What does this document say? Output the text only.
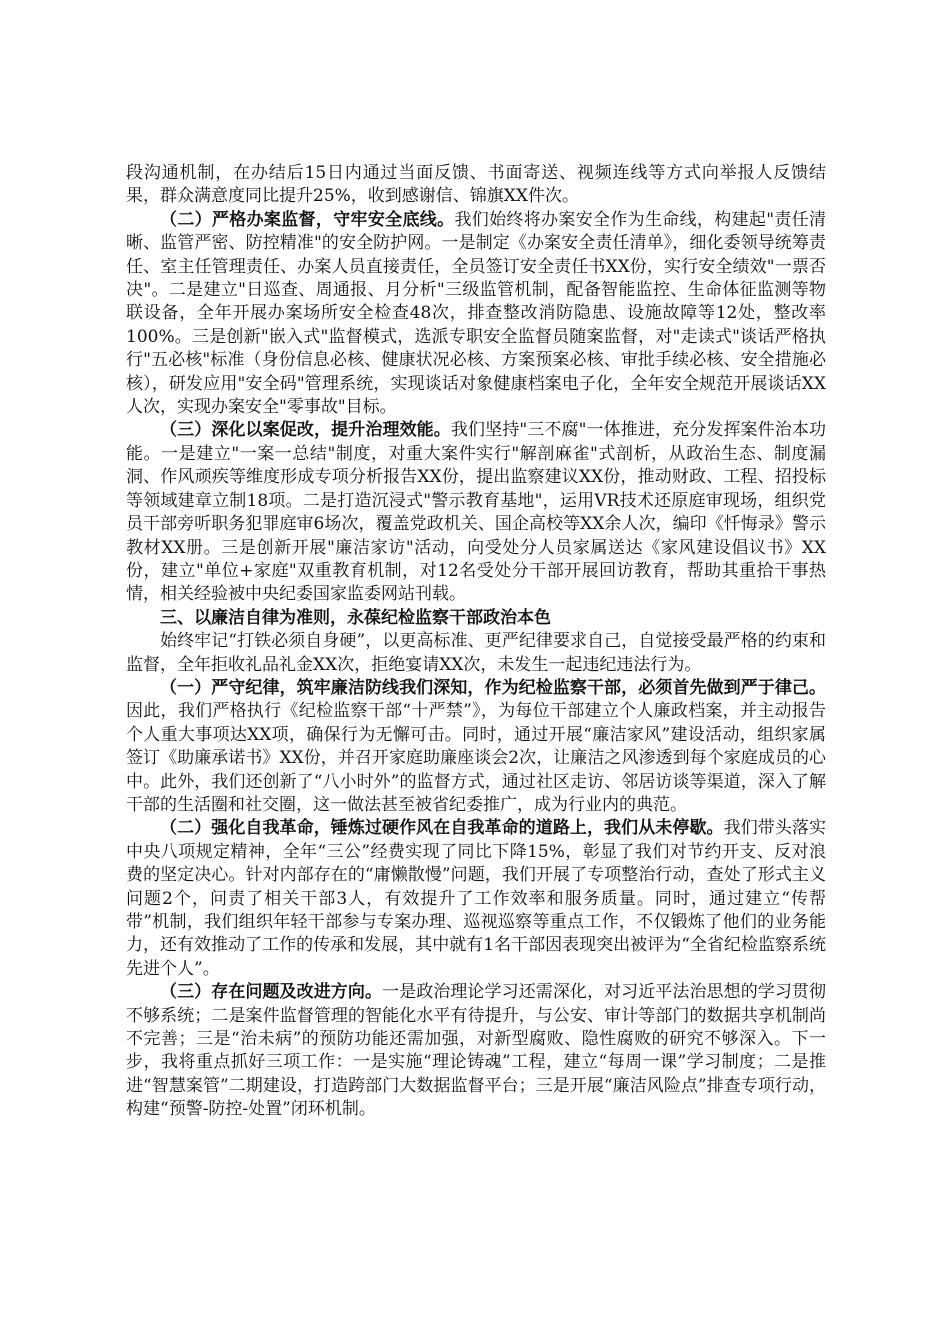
段沟通机制，在办结后15日内通过当面反馈、书面寄送、视频连线等方式向举报人反馈结果，群众满意度同比提升25%，收到感谢信、锦旗XX件次。

（二）严格办案监督，守牢安全底线。我们始终将办案安全作为生命线，构建起"责任清晰、监管严密、防控精准"的安全防护网。一是制定《办案安全责任清单》，细化委领导统筹责任、室主任管理责任、办案人员直接责任，全员签订安全责任书XX份，实行安全绩效"一票否决"。二是建立"日巡查、周通报、月分析"三级监管机制，配备智能监控、生命体征监测等物联设备，全年开展办案场所安全检查48次，排查整改消防隐患、设施故障等12处，整改率100%。三是创新"嵌入式"监督模式，选派专职安全监督员随案监督，对"走读式"谈话严格执行"五必核"标准（身份信息必核、健康状况必核、方案预案必核、审批手续必核、安全措施必核），研发应用"安全码"管理系统，实现谈话对象健康档案电子化，全年安全规范开展谈话XX人次，实现办案安全"零事故"目标。

（三）深化以案促改，提升治理效能。我们坚持"三不腐"一体推进，充分发挥案件治本功能。一是建立"一案一总结"制度，对重大案件实行"解剖麻雀"式剖析，从政治生态、制度漏洞、作风顽疾等维度形成专项分析报告XX份，提出监察建议XX份，推动财政、工程、招投标等领域建章立制18项。二是打造沉浸式"警示教育基地"，运用VR技术还原庭审现场，组织党员干部旁听职务犯罪庭审6场次，覆盖党政机关、国企高校等XX余人次，编印《忏悔录》警示教材XX册。三是创新开展"廉洁家访"活动，向受处分人员家属送达《家风建设倡议书》XX份，建立"单位+家庭"双重教育机制，对12名受处分干部开展回访教育，帮助其重拾干事热情，相关经验被中央纪委国家监委网站刊载。

三、以廉洁自律为准则，永葆纪检监察干部政治本色

始终牢记“打铁必须自身硬”，以更高标准、更严纪律要求自己，自觉接受最严格的约束和监督，全年拒收礼品礼金XX次，拒绝宴请XX次，未发生一起违纪违法行为。

（一）严守纪律，筑牢廉洁防线我们深知，作为纪检监察干部，必须首先做到严于律己。因此，我们严格执行《纪检监察干部“十严禁”》，为每位干部建立个人廉政档案，并主动报告个人重大事项达XX项，确保行为无懈可击。同时，通过开展“廉洁家风”建设活动，组织家属签订《助廉承诺书》XX份，并召开家庭助廉座谈会2次，让廉洁之风渗透到每个家庭成员的心中。此外，我们还创新了“八小时外”的监督方式，通过社区走访、邻居访谈等渠道，深入了解干部的生活圈和社交圈，这一做法甚至被省纪委推广，成为行业内的典范。

（二）强化自我革命，锤炼过硬作风在自我革命的道路上，我们从未停歇。我们带头落实中央八项规定精神，全年“三公”经费实现了同比下降15%，彰显了我们对节约开支、反对浪费的坚定决心。针对内部存在的“庸懒散慢”问题，我们开展了专项整治行动，查处了形式主义问题2个，问责了相关干部3人，有效提升了工作效率和服务质量。同时，通过建立“传帮带”机制，我们组织年轻干部参与专案办理、巡视巡察等重点工作，不仅锻炼了他们的业务能力，还有效推动了工作的传承和发展，其中就有1名干部因表现突出被评为“全省纪检监察系统先进个人”。

（三）存在问题及改进方向。一是政治理论学习还需深化，对习近平法治思想的学习贯彻不够系统；二是案件监督管理的智能化水平有待提升，与公安、审计等部门的数据共享机制尚不完善；三是“治未病”的预防功能还需加强，对新型腐败、隐性腐败的研究不够深入。下一步，我将重点抓好三项工作：一是实施“理论铸魂”工程，建立“每周一课”学习制度；二是推进“智慧案管”二期建设，打造跨部门大数据监督平台；三是开展“廉洁风险点”排查专项行动，构建“预警-防控-处置”闭环机制。
